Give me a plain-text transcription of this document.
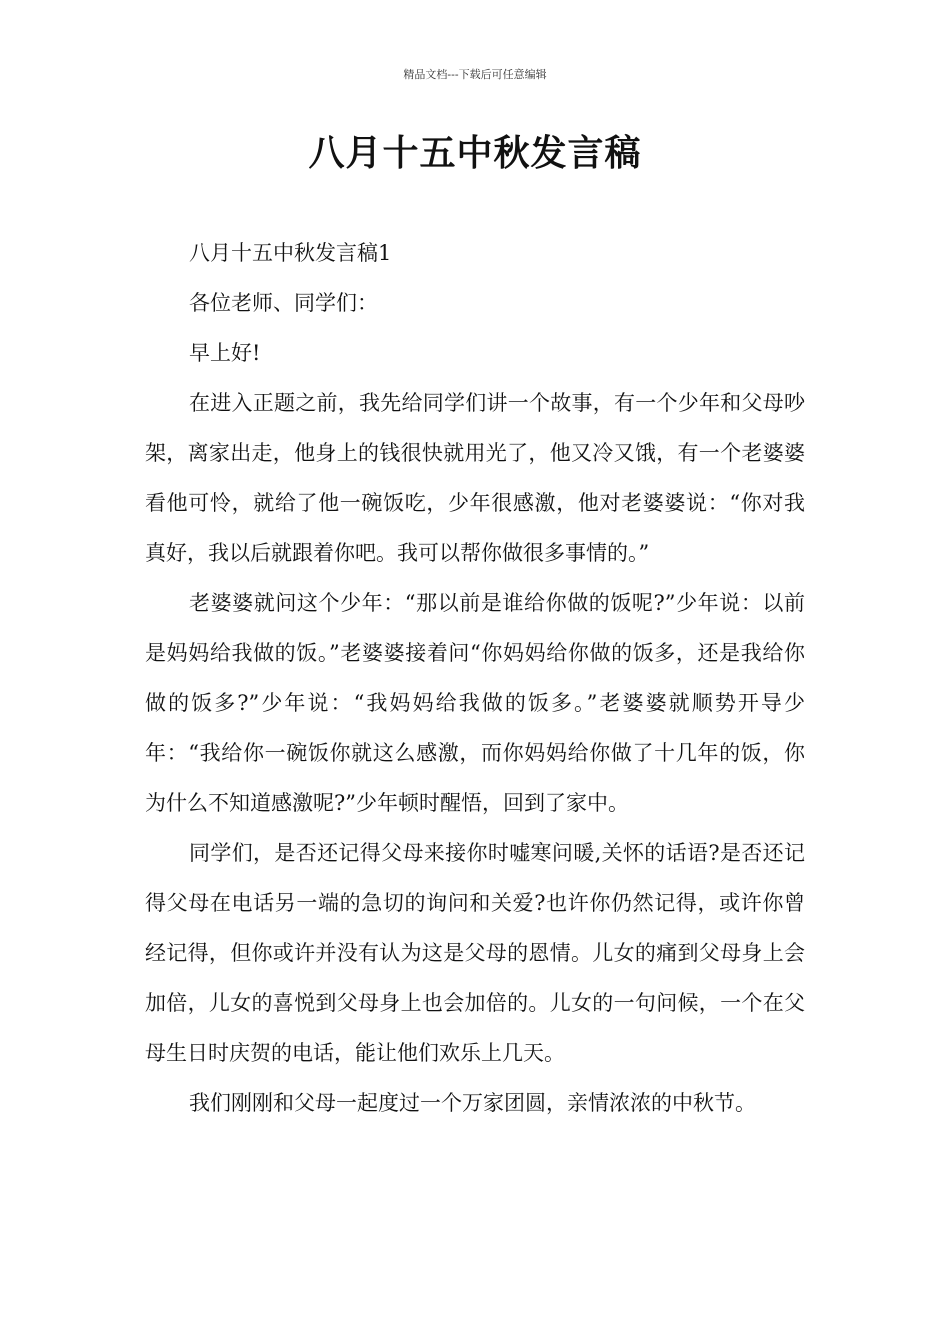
精品文档---下载后可任意编辑
八月十五中秋发言稿

八月十五中秋发言稿1

各位老师、同学们：

早上好!

在进入正题之前，我先给同学们讲一个故事，有一个少年和父母吵架，离家出走，他身上的钱很快就用光了，他又冷又饿，有一个老婆婆看他可怜，就给了他一碗饭吃，少年很感激，他对老婆婆说：“你对我真好，我以后就跟着你吧。我可以帮你做很多事情的。”

老婆婆就问这个少年：“那以前是谁给你做的饭呢?”少年说：以前是妈妈给我做的饭。”老婆婆接着问“你妈妈给你做的饭多，还是我给你做的饭多?”少年说：“我妈妈给我做的饭多。”老婆婆就顺势开导少年：“我给你一碗饭你就这么感激，而你妈妈给你做了十几年的饭，你为什么不知道感激呢?”少年顿时醒悟，回到了家中。

同学们，是否还记得父母来接你时嘘寒问暖,关怀的话语?是否还记得父母在电话另一端的急切的询问和关爱?也许你仍然记得，或许你曾经记得，但你或许并没有认为这是父母的恩情。儿女的痛到父母身上会加倍，儿女的喜悦到父母身上也会加倍的。儿女的一句问候，一个在父母生日时庆贺的电话，能让他们欢乐上几天。

我们刚刚和父母一起度过一个万家团圆，亲情浓浓的中秋节。
